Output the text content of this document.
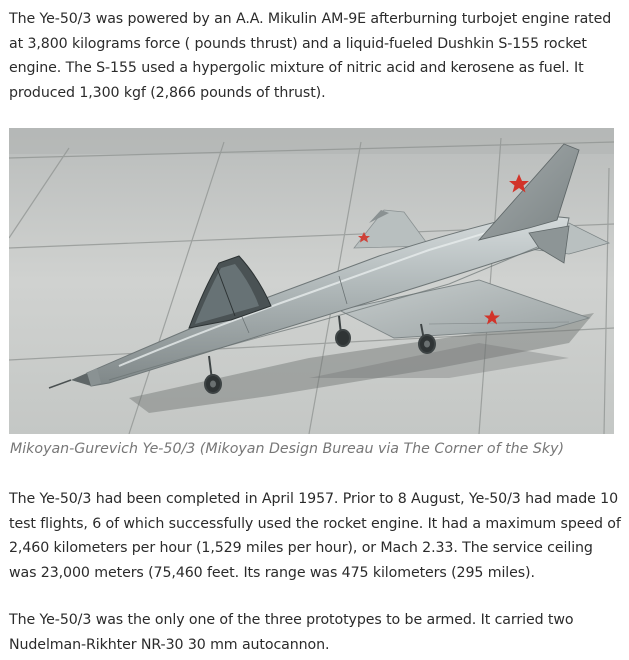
The Ye-50/3 was powered by an A.A. Mikulin AM-9E afterburning turbojet engine rated at 3,800 kilograms force ( pounds thrust) and a liquid-fueled Dushkin S-155 rocket engine. The S-155 used a hypergolic mixture of nitric acid and kerosene as fuel. It produced 1,300 kgf (2,866 pounds of thrust).

Mikoyan-Gurevich Ye-50/3 (Mikoyan Design Bureau via The Corner of the Sky)

The Ye-50/3 had been completed in April 1957. Prior to 8 August, Ye-50/3 had made 10 test flights, 6 of which successfully used the rocket engine. It had a maximum speed of 2,460 kilometers per hour (1,529 miles per hour), or Mach 2.33. The service ceiling was 23,000 meters (75,460 feet. Its range was 475 kilometers (295 miles).

The Ye-50/3 was the only one of the three prototypes to be armed. It carried two Nudelman-Rikhter NR-30 30 mm autocannon.
